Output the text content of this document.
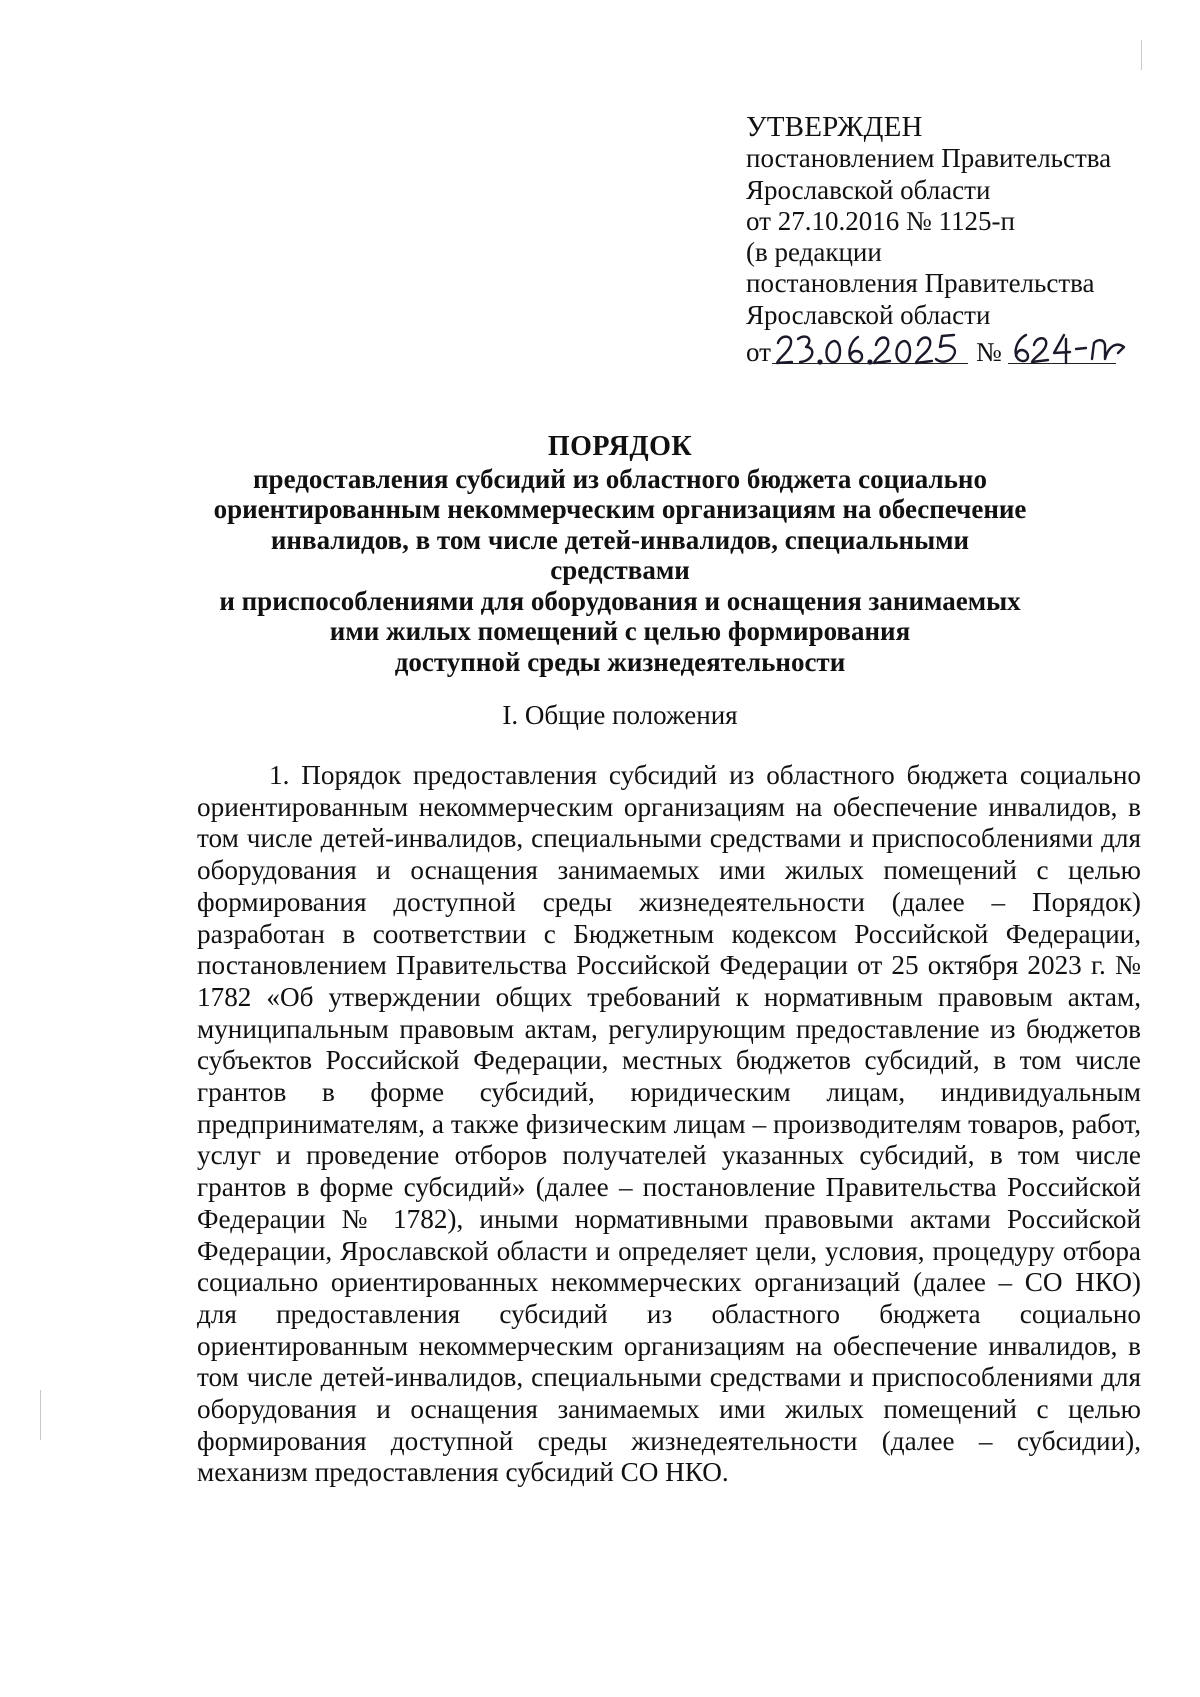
УТВЕРЖДЕН
постановлением Правительства
Ярославской области
от 27.10.2016 № 1125-п
(в редакции
постановления Правительства
Ярославской области
от	№
ПОРЯДОК
предоставления субсидий из областного бюджета социально
ориентированным некоммерческим организациям на обеспечение
инвалидов, в том числе детей-инвалидов, специальными средствами
и приспособлениями для оборудования и оснащения занимаемых
ими жилых помещений с целью формирования
доступной среды жизнедеятельности
I. Общие положения
1. Порядок предоставления субсидий из областного бюджета социально ориентированным некоммерческим организациям на обеспечение инвалидов, в том числе детей-инвалидов, специальными средствами и приспособлениями для оборудования и оснащения занимаемых ими жилых помещений с целью формирования доступной среды жизнедеятельности (далее – Порядок) разработан в соответствии с Бюджетным кодексом Российской Федерации, постановлением Правительства Российской Федерации от 25 октября 2023 г. № 1782 «Об утверждении общих требований к нормативным правовым актам, муниципальным правовым актам, регулирующим предоставление из бюджетов субъектов Российской Федерации, местных бюджетов субсидий, в том числе грантов в форме субсидий, юридическим лицам, индивидуальным предпринимателям, а также физическим лицам – производителям товаров, работ, услуг и проведение отборов получателей указанных субсидий, в том числе грантов в форме субсидий» (далее – постановление Правительства Российской Федерации № 1782), иными нормативными правовыми актами Российской Федерации, Ярославской области и определяет цели, условия, процедуру отбора социально ориентированных некоммерческих организаций (далее – СО НКО) для предоставления субсидий из областного бюджета социально ориентированным некоммерческим организациям на обеспечение инвалидов, в том числе детей-инвалидов, специальными средствами и приспособлениями для оборудования и оснащения занимаемых ими жилых помещений с целью формирования доступной среды жизнедеятельности (далее – субсидии), механизм предоставления субсидий СО НКО.
